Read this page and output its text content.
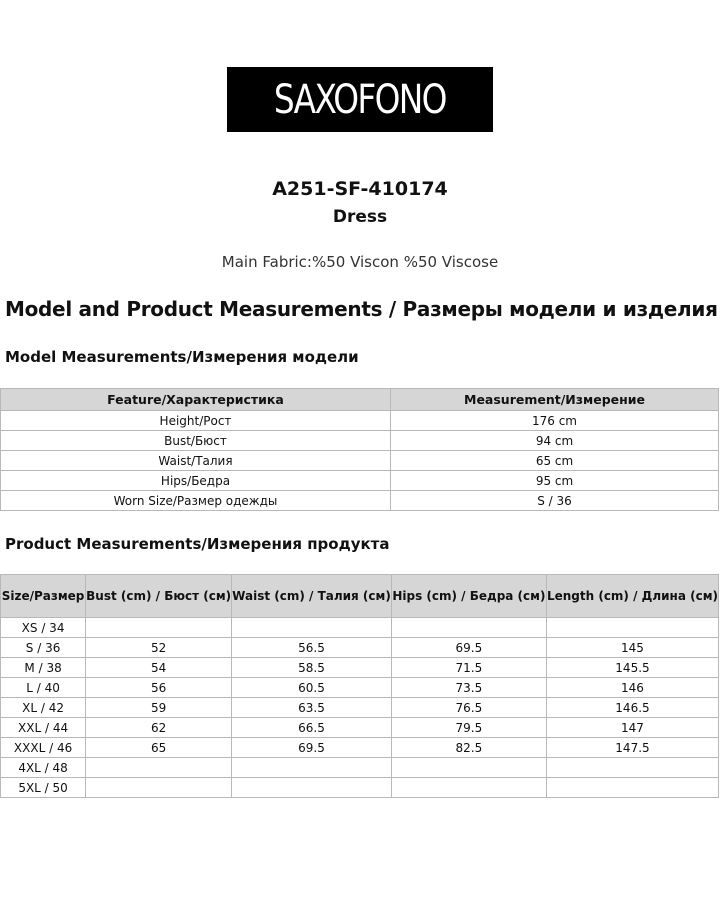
SAXOFONO
A251-SF-410174
Dress
Main Fabric:%50 Viscon %50 Viscose
Model and Product Measurements / Размеры модели и изделия
Model Measurements/Измерения модели
Feature/Характеристика	Measurement/Измерение
Height/Рост	176 cm
Bust/Бюст	94 cm
Waist/Талия	65 cm
Hips/Бедра	95 cm
Worn Size/Размер одежды	S / 36
Product Measurements/Измерения продукта
Size/Размер	Bust (cm) / Бюст (см)	Waist (cm) / Талия (см)	Hips (cm) / Бедра (см)	Length (cm) / Длина (см)
XS / 34				
S / 36	52	56.5	69.5	145
M / 38	54	58.5	71.5	145.5
L / 40	56	60.5	73.5	146
XL / 42	59	63.5	76.5	146.5
XXL / 44	62	66.5	79.5	147
XXXL / 46	65	69.5	82.5	147.5
4XL / 48				
5XL / 50				
